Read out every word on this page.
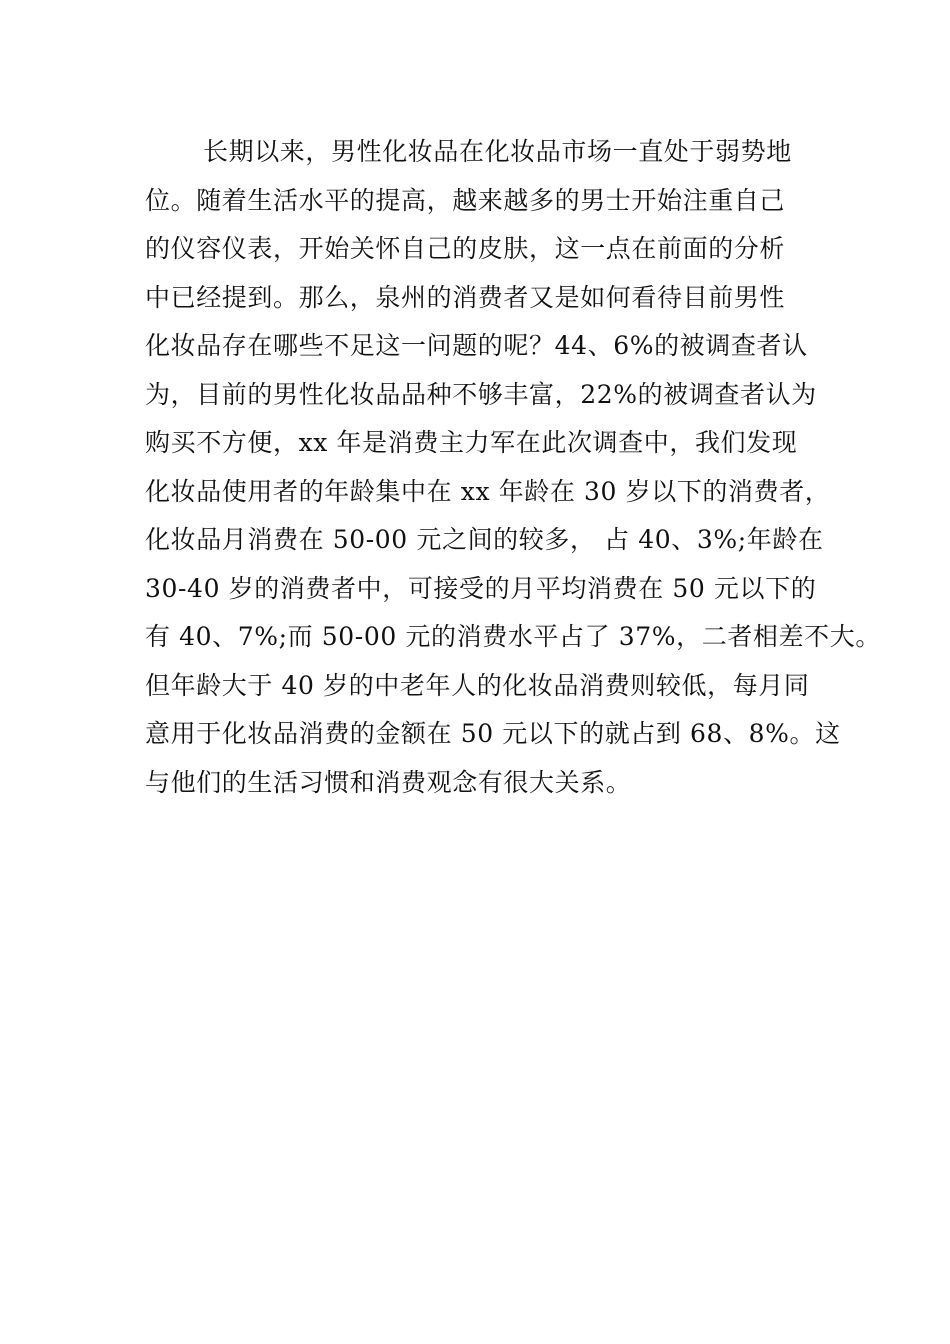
长期以来，男性化妆品在化妆品市场一直处于弱势地
位。随着生活水平的提高，越来越多的男士开始注重自己
的仪容仪表，开始关怀自己的皮肤，这一点在前面的分析
中已经提到。那么，泉州的消费者又是如何看待目前男性
化妆品存在哪些不足这一问题的呢？44、6%的被调查者认
为，目前的男性化妆品品种不够丰富，22%的被调查者认为
购买不方便，xx 年是消费主力军在此次调查中，我们发现
化妆品使用者的年龄集中在 xx 年龄在 30 岁以下的消费者，
化妆品月消费在 50-00 元之间的较多， 占 40、3%;年龄在
30-40 岁的消费者中，可接受的月平均消费在 50 元以下的
有 40、7%;而 50-00 元的消费水平占了 37%，二者相差不大。
但年龄大于 40 岁的中老年人的化妆品消费则较低，每月同
意用于化妆品消费的金额在 50 元以下的就占到 68、8%。这
与他们的生活习惯和消费观念有很大关系。
